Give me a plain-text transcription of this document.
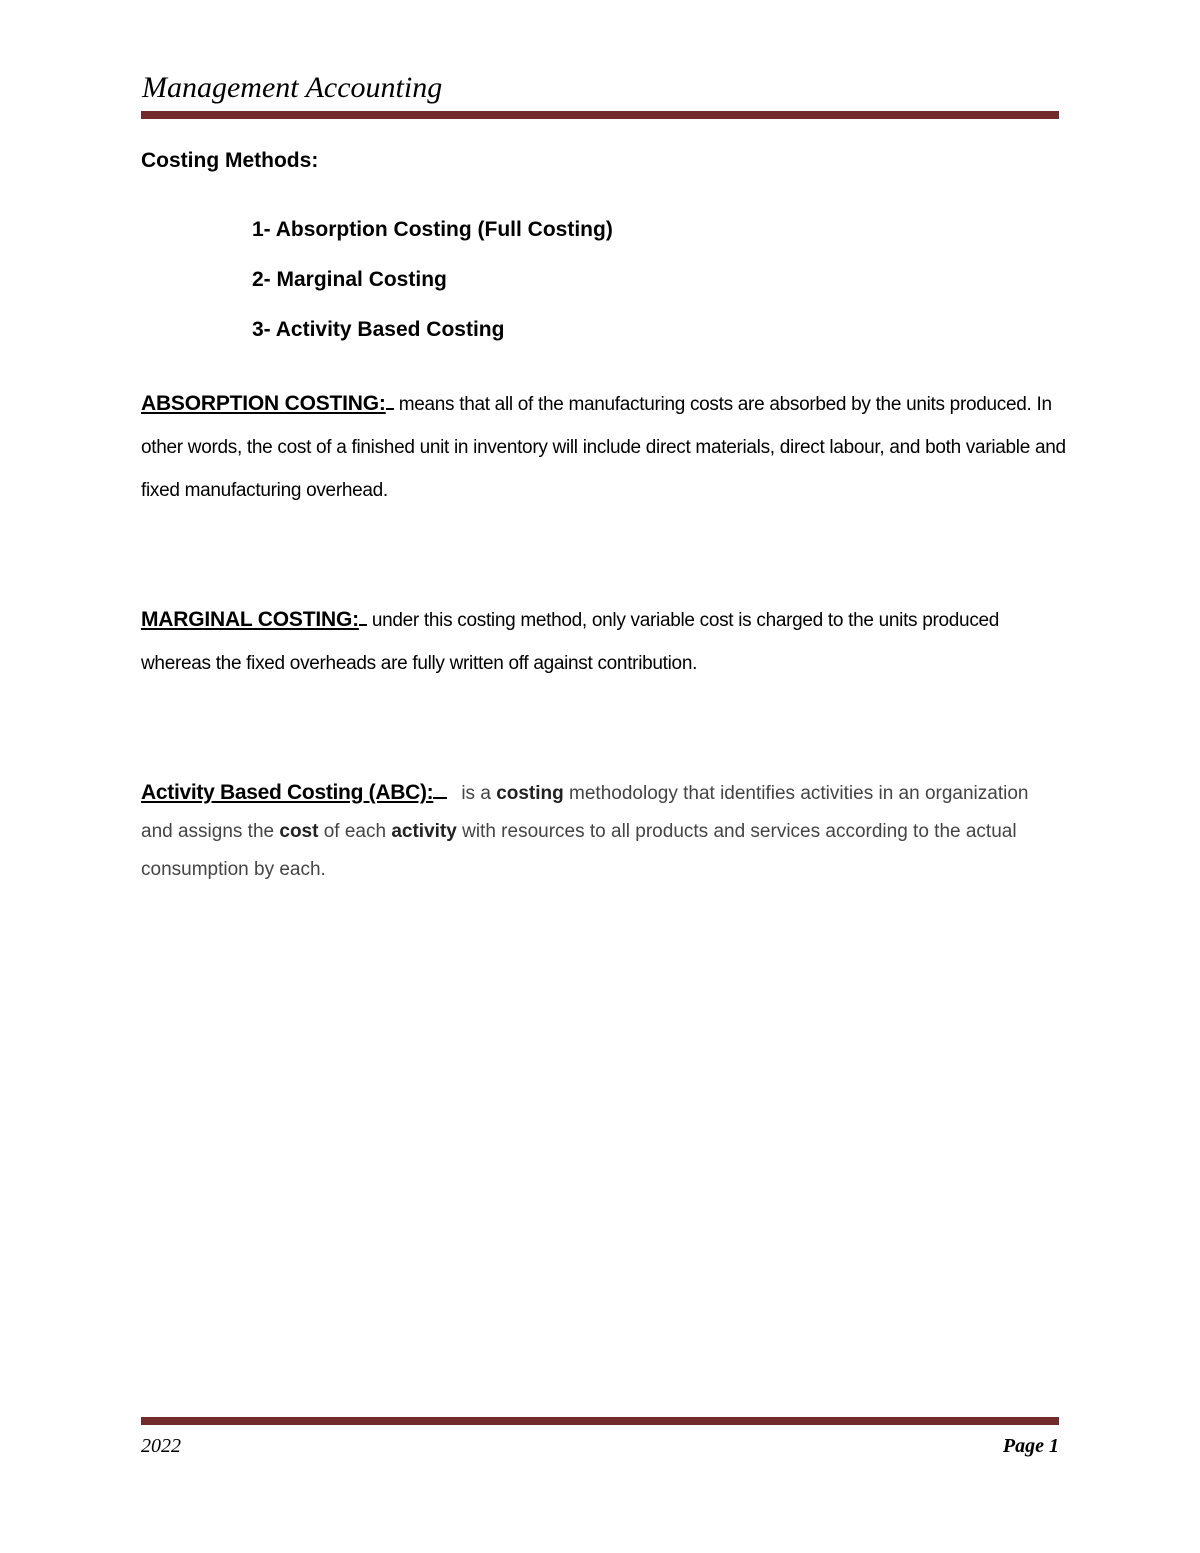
Management Accounting
Costing Methods:
1- Absorption Costing (Full Costing)
2- Marginal Costing
3- Activity Based Costing

ABSORPTION COSTING: means that all of the manufacturing costs are absorbed by the units produced. In other words, the cost of a finished unit in inventory will include direct materials, direct labour, and both variable and fixed manufacturing overhead.

MARGINAL COSTING: under this costing method, only variable cost is charged to the units produced whereas the fixed overheads are fully written off against contribution.

Activity Based Costing (ABC): is a costing methodology that identifies activities in an organization and assigns the cost of each activity with resources to all products and services according to the actual consumption by each.

2022	Page 1
